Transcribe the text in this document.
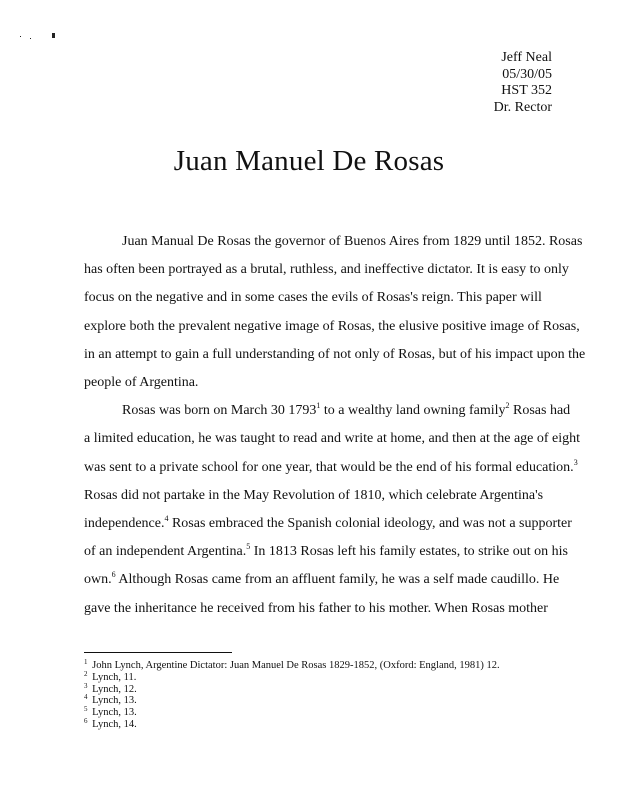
Jeff Neal
05/30/05
HST 352
Dr. Rector
Juan Manuel De Rosas
Juan Manual De Rosas the governor of Buenos Aires from 1829 until 1852. Rosas
has often been portrayed as a brutal, ruthless, and ineffective dictator. It is easy to only
focus on the negative and in some cases the evils of Rosas's reign. This paper will
explore both the prevalent negative image of Rosas, the elusive positive image of Rosas,
in an attempt to gain a full understanding of not only of Rosas, but of his impact upon the
people of Argentina.
Rosas was born on March 30 1793$^1$ to a wealthy land owning family$^2$ Rosas had
a limited education, he was taught to read and write at home, and then at the age of eight
was sent to a private school for one year, that would be the end of his formal education.$^3$
Rosas did not partake in the May Revolution of 1810, which celebrate Argentina's
independence.$^4$ Rosas embraced the Spanish colonial ideology, and was not a supporter
of an independent Argentina.$^5$ In 1813 Rosas left his family estates, to strike out on his
own.$^6$ Although Rosas came from an affluent family, he was a self made caudillo. He
gave the inheritance he received from his father to his mother. When Rosas mother
$^1$ John Lynch, Argentine Dictator: Juan Manuel De Rosas 1829-1852, (Oxford: England, 1981) 12.
$^2$ Lynch, 11.
$^3$ Lynch, 12.
$^4$ Lynch, 13.
$^5$ Lynch, 13.
$^6$ Lynch, 14.
